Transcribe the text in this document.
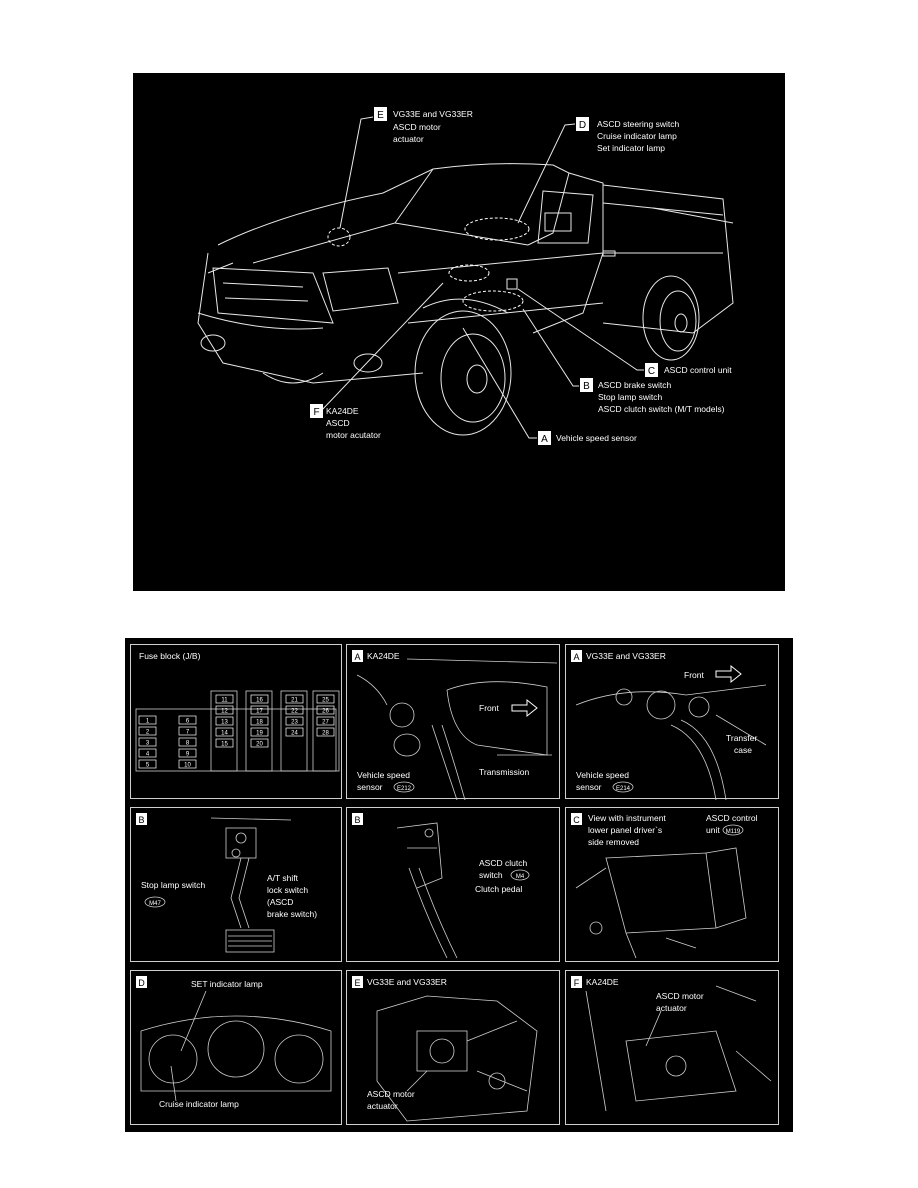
E VG33E and VG33ER
ASCD motor
actuator
D ASCD steering switch
Cruise indicator lamp
Set indicator lamp
C ASCD control unit
B ASCD brake switch
Stop lamp switch
ASCD clutch switch (M/T models)
F KA24DE
ASCD
motor acutator	A Vehicle speed sensor
Fuse block (J/B)
1
2
3
4
5
6
7
8
9
10
11
12
13
14
15
16
17
18
19
20
21
22
23
24
25
26
27
28
A KA24DE
Front
Vehicle speed
sensor E212
Transmission
A VG33E and VG33ER
Front
Transfer
case
Vehicle speed
sensor E214
B
Stop lamp switch
M47
A/T shift
lock switch
(ASCD
brake switch)
B
ASCD clutch
switch M4
Clutch pedal
C View with instrument
lower panel driver`s
side removed
ASCD control
unit M119
D	SET indicator lamp
Cruise indicator lamp
E VG33E and VG33ER
ASCD motor
actuator
F KA24DE
ASCD motor
actuator
